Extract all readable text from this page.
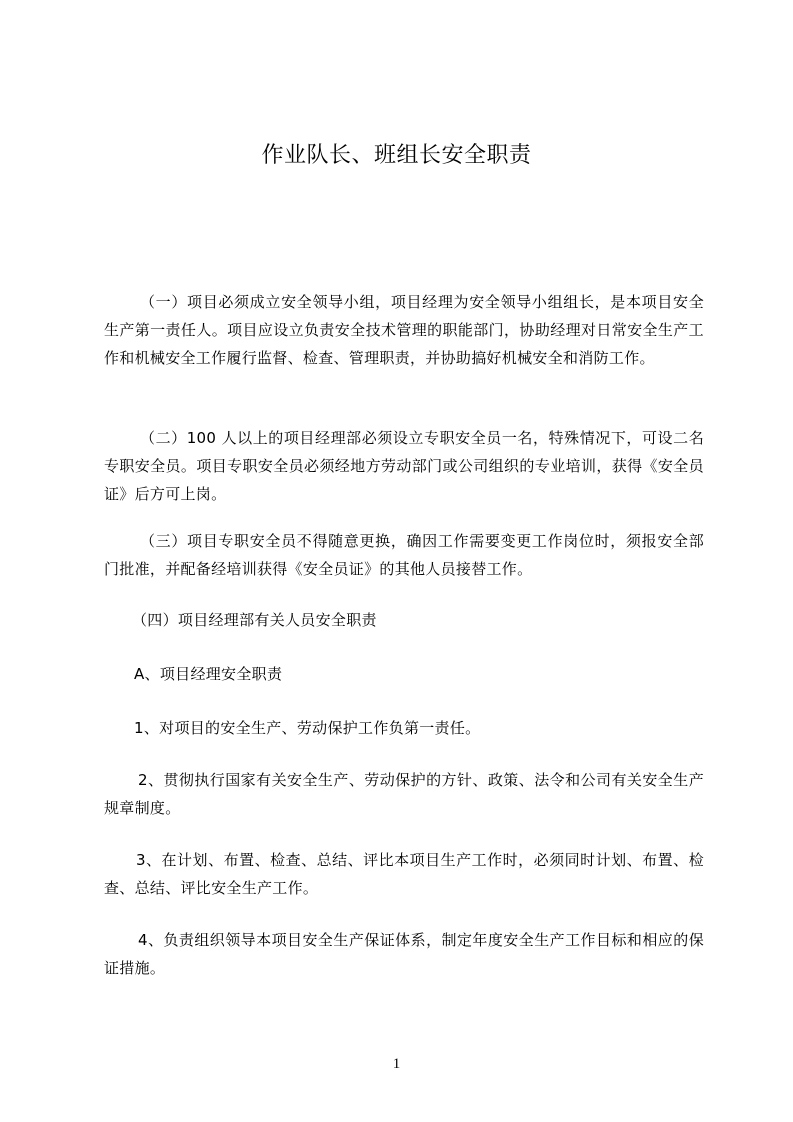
作业队长、班组长安全职责

（一）项目必须成立安全领导小组，项目经理为安全领导小组组长，是本项目安全生产第一责任人。项目应设立负责安全技术管理的职能部门，协助经理对日常安全生产工作和机械安全工作履行监督、检查、管理职责，并协助搞好机械安全和消防工作。

（二）100 人以上的项目经理部必须设立专职安全员一名，特殊情况下，可设二名专职安全员。项目专职安全员必须经地方劳动部门或公司组织的专业培训，获得《安全员证》后方可上岗。

（三）项目专职安全员不得随意更换，确因工作需要变更工作岗位时，须报安全部门批准，并配备经培训获得《安全员证》的其他人员接替工作。

（四）项目经理部有关人员安全职责

A、项目经理安全职责

1、对项目的安全生产、劳动保护工作负第一责任。

2、贯彻执行国家有关安全生产、劳动保护的方针、政策、法令和公司有关安全生产规章制度。

3、在计划、布置、检查、总结、评比本项目生产工作时，必须同时计划、布置、检查、总结、评比安全生产工作。

4、负责组织领导本项目安全生产保证体系，制定年度安全生产工作目标和相应的保证措施。

1
